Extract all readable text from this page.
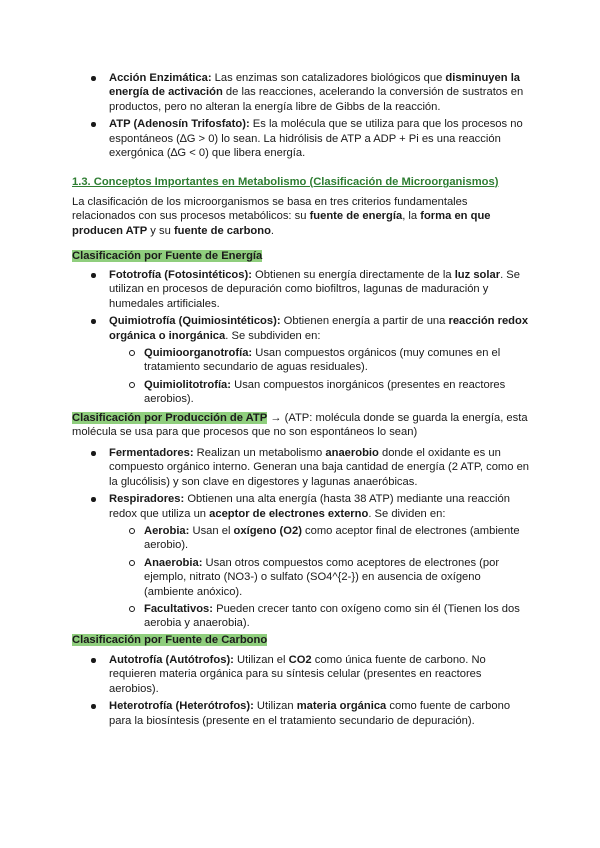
Acción Enzimática: Las enzimas son catalizadores biológicos que disminuyen la energía de activación de las reacciones, acelerando la conversión de sustratos en productos, pero no alteran la energía libre de Gibbs de la reacción.
ATP (Adenosín Trifosfato): Es la molécula que se utiliza para que los procesos no espontáneos (∆G > 0) lo sean. La hidrólisis de ATP a ADP + Pi es una reacción exergónica (∆G < 0) que libera energía.
1.3. Conceptos Importantes en Metabolismo (Clasificación de Microorganismos)
La clasificación de los microorganismos se basa en tres criterios fundamentales relacionados con sus procesos metabólicos: su fuente de energía, la forma en que producen ATP y su fuente de carbono.
Clasificación por Fuente de Energía
Fototrofía (Fotosintéticos): Obtienen su energía directamente de la luz solar. Se utilizan en procesos de depuración como biofiltros, lagunas de maduración y humedales artificiales.
Quimiotrofía (Quimiosintéticos): Obtienen energía a partir de una reacción redox orgánica o inorgánica. Se subdividen en:
Quimioorganotrofía: Usan compuestos orgánicos (muy comunes en el tratamiento secundario de aguas residuales).
Quimiolitotrofía: Usan compuestos inorgánicos (presentes en reactores aerobios).
Clasificación por Producción de ATP → (ATP: molécula donde se guarda la energía, esta molécula se usa para que procesos que no son espontáneos lo sean)
Fermentadores: Realizan un metabolismo anaerobio donde el oxidante es un compuesto orgánico interno. Generan una baja cantidad de energía (2 ATP, como en la glucólisis) y son clave en digestores y lagunas anaeróbicas.
Respiradores: Obtienen una alta energía (hasta 38 ATP) mediante una reacción redox que utiliza un aceptor de electrones externo. Se dividen en:
Aerobia: Usan el oxígeno (O2) como aceptor final de electrones (ambiente aerobio).
Anaerobia: Usan otros compuestos como aceptores de electrones (por ejemplo, nitrato (NO3-) o sulfato (SO4^{2-}) en ausencia de oxígeno (ambiente anóxico).
Facultativos: Pueden crecer tanto con oxígeno como sin él (Tienen los dos aerobia y anaerobia).
Clasificación por Fuente de Carbono
Autotrofía (Autótrofos): Utilizan el CO2 como única fuente de carbono. No requieren materia orgánica para su síntesis celular (presentes en reactores aerobios).
Heterotrofía (Heterótrofos): Utilizan materia orgánica como fuente de carbono para la biosíntesis (presente en el tratamiento secundario de depuración).
